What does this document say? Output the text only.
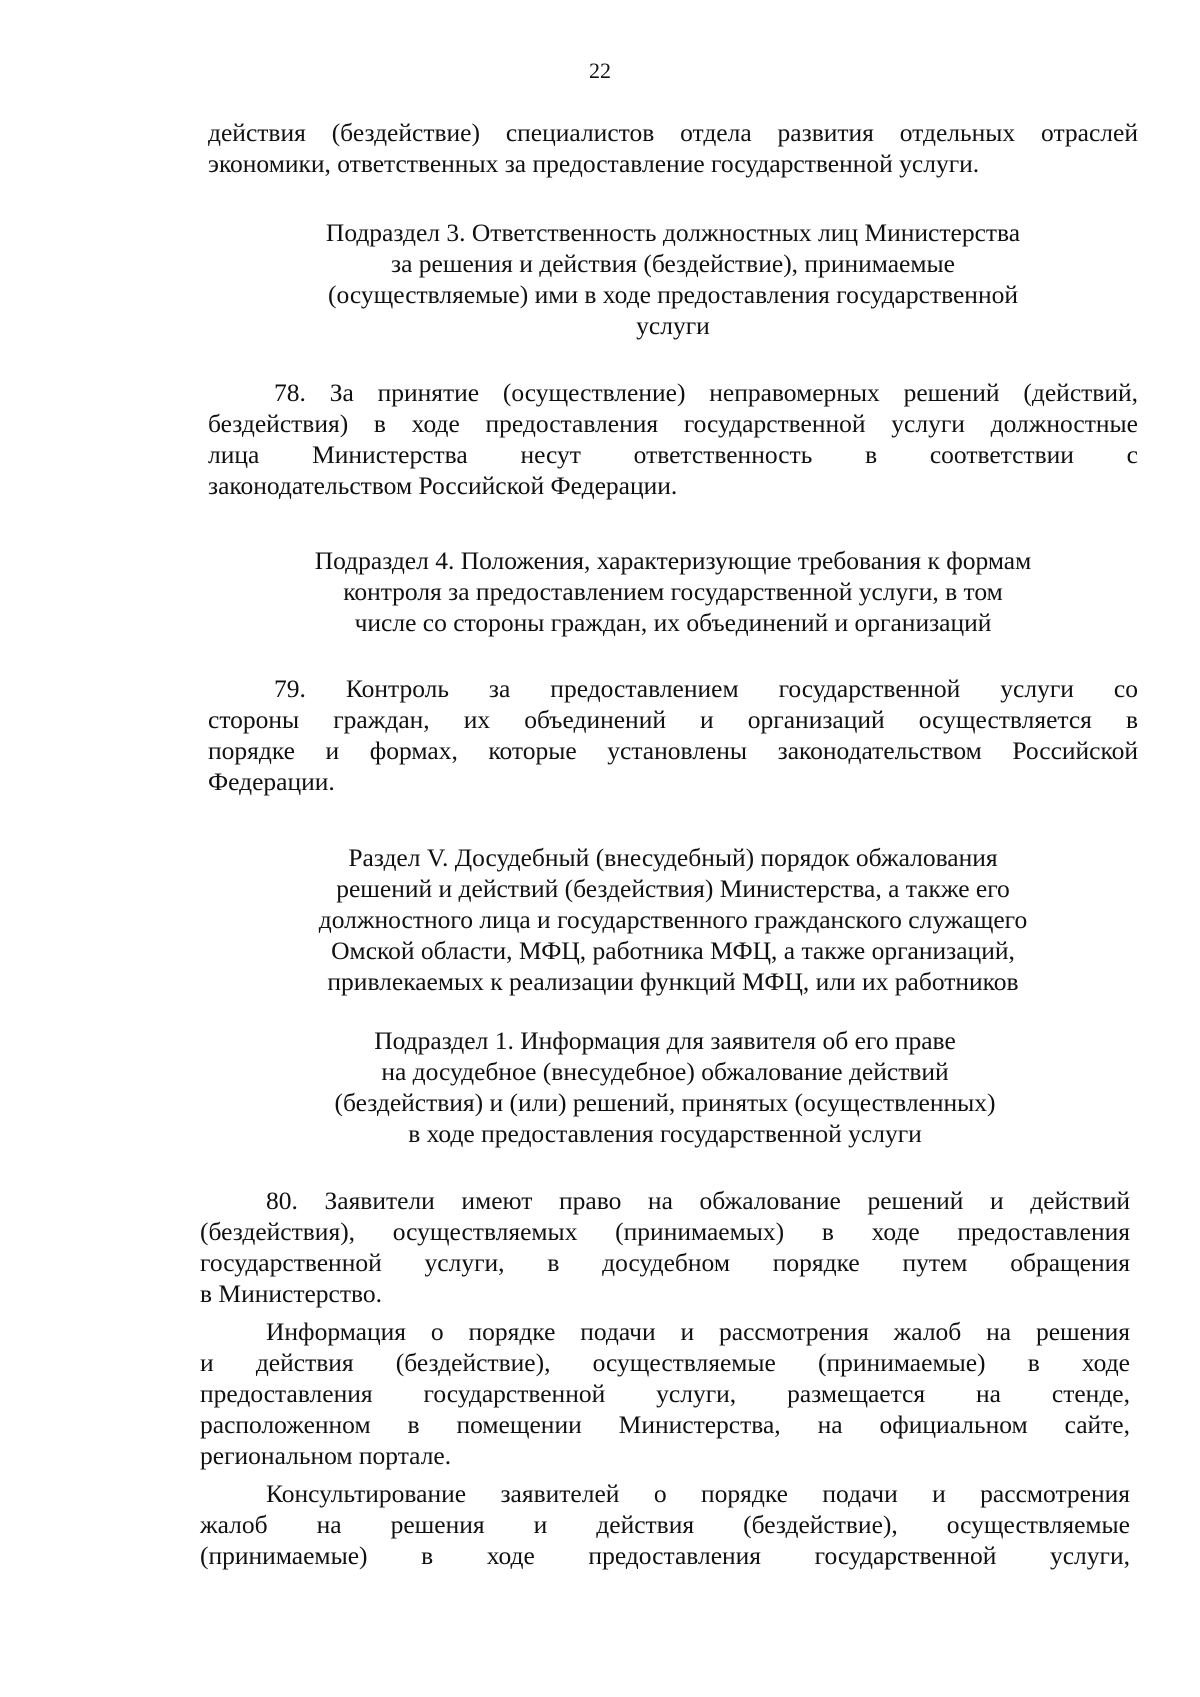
22

действия (бездействие) специалистов отдела развития отдельных отраслей
экономики, ответственных за предоставление государственной услуги.

Подраздел 3. Ответственность должностных лиц Министерства
за решения и действия (бездействие), принимаемые
(осуществляемые) ими в ходе предоставления государственной
услуги

78. За принятие (осуществление) неправомерных решений (действий,
бездействия) в ходе предоставления государственной услуги должностные
лица Министерства несут ответственность в соответствии с
законодательством Российской Федерации.

Подраздел 4. Положения, характеризующие требования к формам
контроля за предоставлением государственной услуги, в том
числе со стороны граждан, их объединений и организаций

79. Контроль за предоставлением государственной услуги со
стороны граждан, их объединений и организаций осуществляется в
порядке и формах, которые установлены законодательством Российской
Федерации.

Раздел V. Досудебный (внесудебный) порядок обжалования
решений и действий (бездействия) Министерства, а также его
должностного лица и государственного гражданского служащего
Омской области, МФЦ, работника МФЦ, а также организаций,
привлекаемых к реализации функций МФЦ, или их работников
Подраздел 1. Информация для заявителя об его праве
на досудебное (внесудебное) обжалование действий
(бездействия) и (или) решений, принятых (осуществленных)
в ходе предоставления государственной услуги

80. Заявители имеют право на обжалование решений и действий
(бездействия), осуществляемых (принимаемых) в ходе предоставления
государственной услуги, в досудебном порядке путем обращения
в Министерство.

Информация о порядке подачи и рассмотрения жалоб на решения
и действия (бездействие), осуществляемые (принимаемые) в ходе
предоставления государственной услуги, размещается на стенде,
расположенном в помещении Министерства, на официальном сайте,
региональном портале.

Консультирование заявителей о порядке подачи и рассмотрения
жалоб на решения и действия (бездействие), осуществляемые
(принимаемые) в ходе предоставления государственной услуги,
